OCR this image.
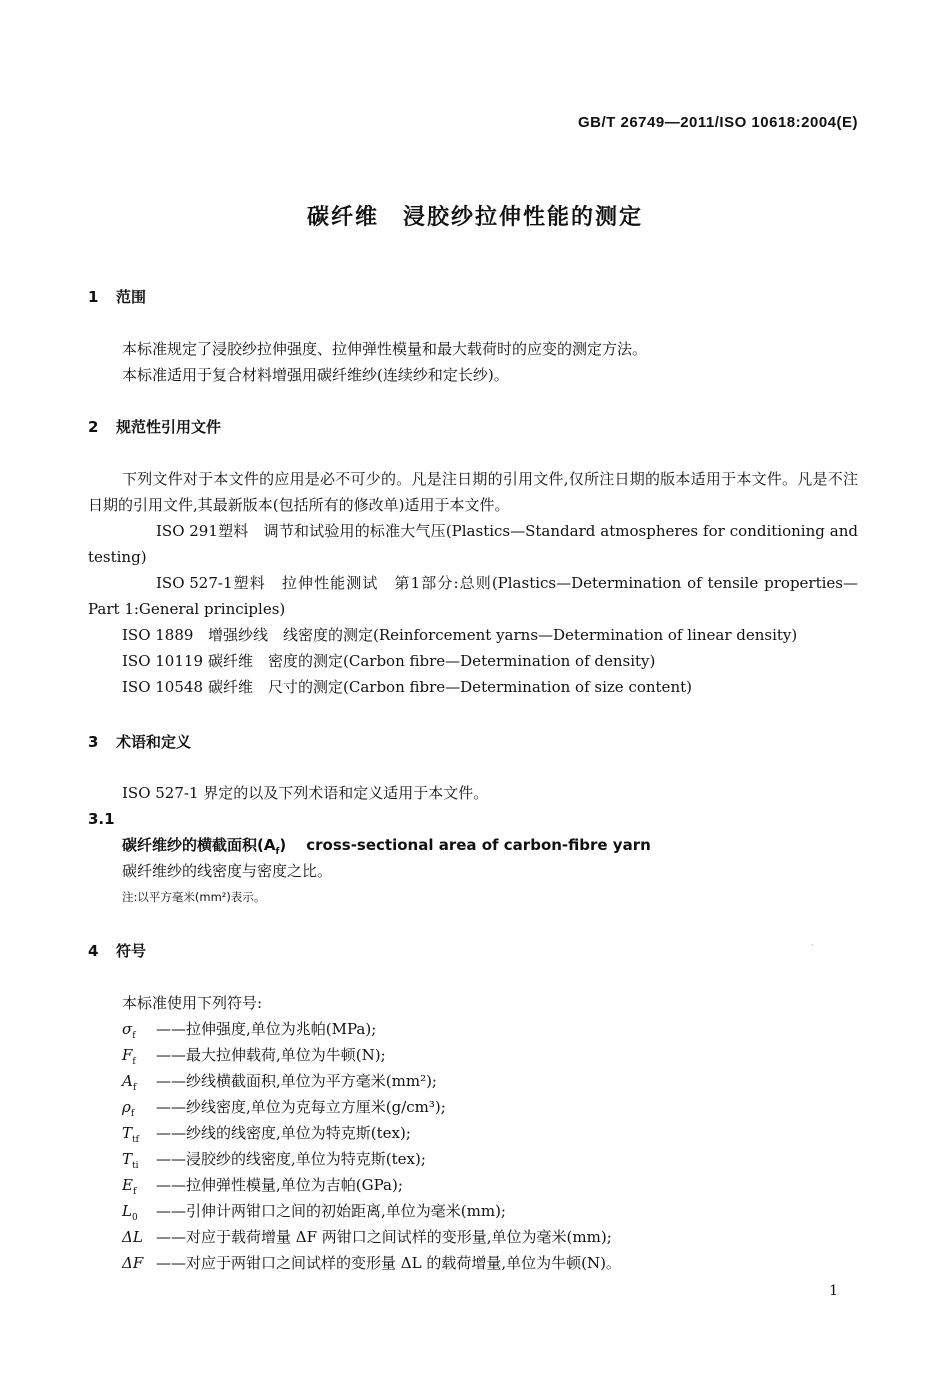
GB/T 26749—2011/ISO 10618:2004(E)
碳纤维　浸胶纱拉伸性能的测定
1 范围
本标准规定了浸胶纱拉伸强度、拉伸弹性模量和最大载荷时的应变的测定方法。
本标准适用于复合材料增强用碳纤维纱(连续纱和定长纱)。
2 规范性引用文件
下列文件对于本文件的应用是必不可少的。凡是注日期的引用文件,仅所注日期的版本适用于本文件。凡是不注日期的引用文件,其最新版本(包括所有的修改单)适用于本文件。
ISO 291塑料　调节和试验用的标准大气压(Plastics—Standard atmospheres for conditioning and testing)
ISO 527-1塑料　拉伸性能测试　第1部分:总则(Plastics—Determination of tensile properties—Part 1:General principles)
ISO 1889 增强纱线　线密度的测定(Reinforcement yarns—Determination of linear density)
ISO 10119 碳纤维　密度的测定(Carbon fibre—Determination of density)
ISO 10548 碳纤维　尺寸的测定(Carbon fibre—Determination of size content)
3 术语和定义
ISO 527-1 界定的以及下列术语和定义适用于本文件。
3.1
碳纤维纱的横截面积$(A_f)$ cross-sectional area of carbon-fibre yarn
碳纤维纱的线密度与密度之比。
注:以平方毫米(mm²)表示。
4 符号	·
本标准使用下列符号:
$\sigma_f$ ——拉伸强度,单位为兆帕(MPa);
$F_f$ ——最大拉伸载荷,单位为牛顿(N);
$A_f$ ——纱线横截面积,单位为平方毫米(mm²);
$\rho_f$ ——纱线密度,单位为克每立方厘米(g/cm³);
$T_{tf}$ ——纱线的线密度,单位为特克斯(tex);
$T_{ti}$ ——浸胶纱的线密度,单位为特克斯(tex);
$E_f$ ——拉伸弹性模量,单位为吉帕(GPa);
$L_0$ ——引伸计两钳口之间的初始距离,单位为毫米(mm);
ΔL ——对应于载荷增量 ΔF 两钳口之间试样的变形量,单位为毫米(mm);
ΔF ——对应于两钳口之间试样的变形量 ΔL 的载荷增量,单位为牛顿(N)。
1
